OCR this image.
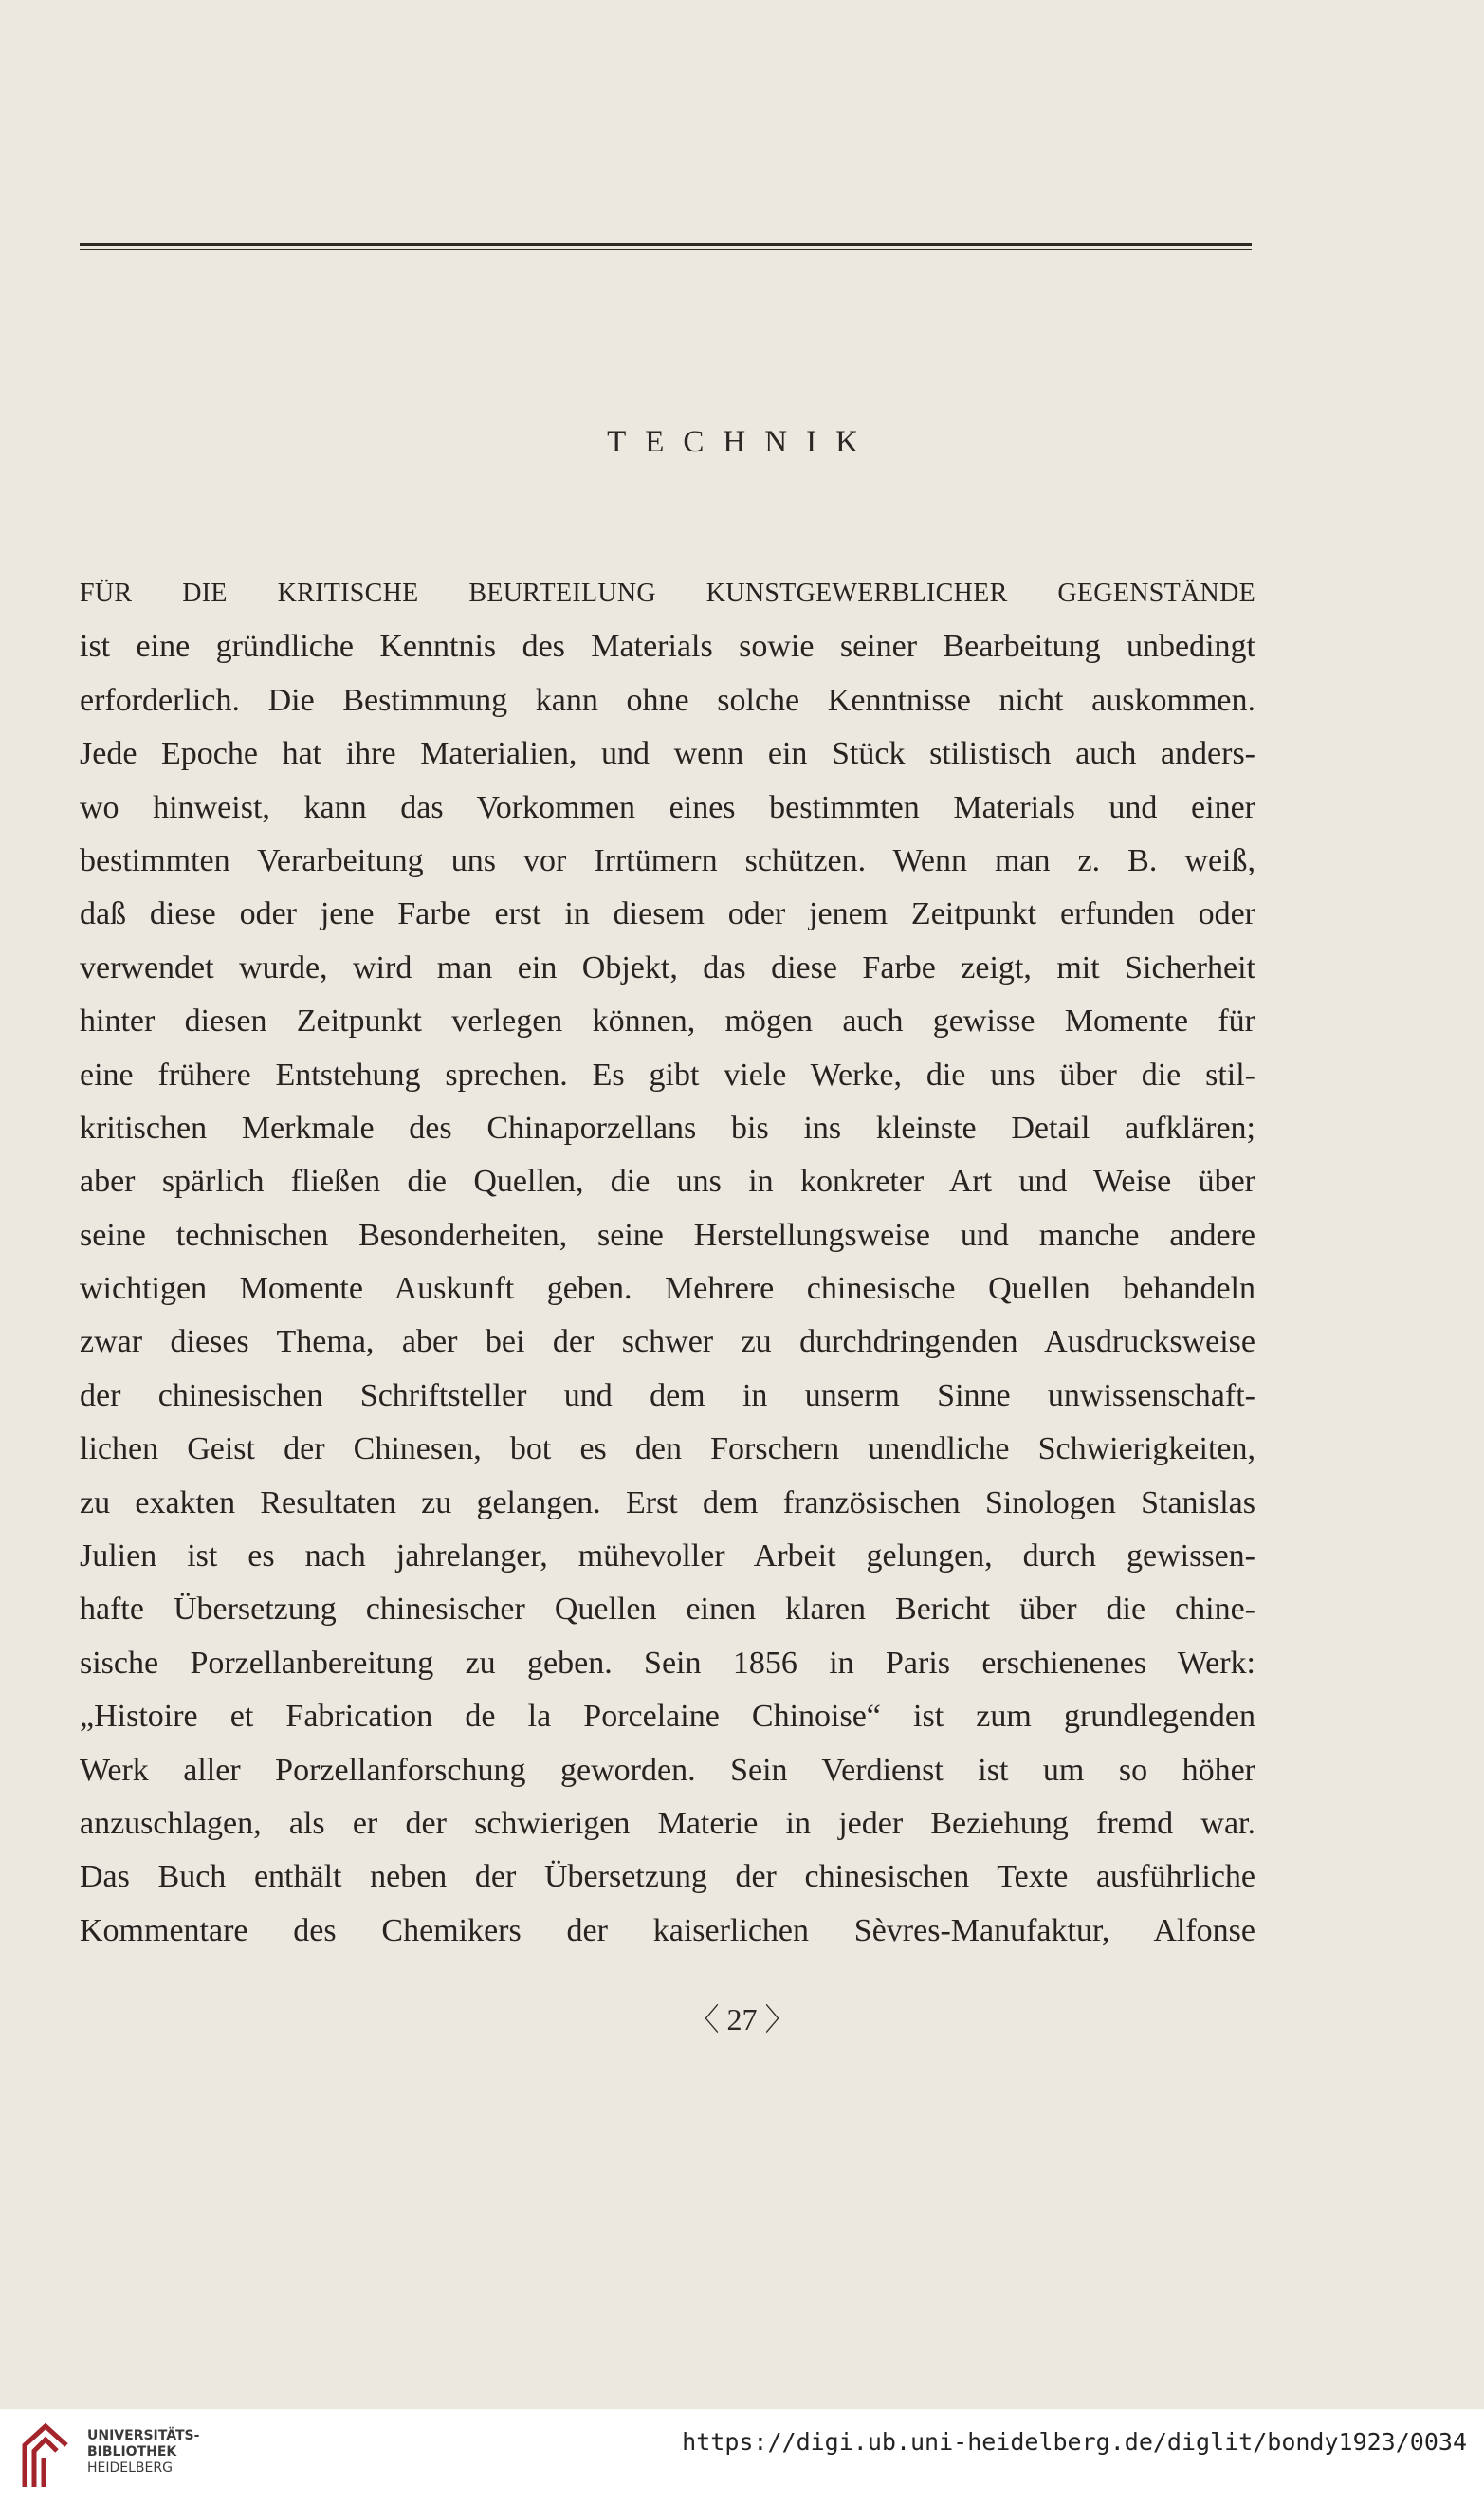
TECHNIK
FÜR DIE KRITISCHE BEURTEILUNG KUNSTGEWERBLICHER GEGENSTÄNDE
ist eine gründliche Kenntnis des Materials sowie seiner Bearbeitung unbedingt
erforderlich. Die Bestimmung kann ohne solche Kenntnisse nicht auskommen.
Jede Epoche hat ihre Materialien, und wenn ein Stück stilistisch auch anders-
wo hinweist, kann das Vorkommen eines bestimmten Materials und einer
bestimmten Verarbeitung uns vor Irrtümern schützen. Wenn man z. B. weiß,
daß diese oder jene Farbe erst in diesem oder jenem Zeitpunkt erfunden oder
verwendet wurde, wird man ein Objekt, das diese Farbe zeigt, mit Sicherheit
hinter diesen Zeitpunkt verlegen können, mögen auch gewisse Momente für
eine frühere Entstehung sprechen. Es gibt viele Werke, die uns über die stil-
kritischen Merkmale des Chinaporzellans bis ins kleinste Detail aufklären;
aber spärlich fließen die Quellen, die uns in konkreter Art und Weise über
seine technischen Besonderheiten, seine Herstellungsweise und manche andere
wichtigen Momente Auskunft geben. Mehrere chinesische Quellen behandeln
zwar dieses Thema, aber bei der schwer zu durchdringenden Ausdrucksweise
der chinesischen Schriftsteller und dem in unserm Sinne unwissenschaft-
lichen Geist der Chinesen, bot es den Forschern unendliche Schwierigkeiten,
zu exakten Resultaten zu gelangen. Erst dem französischen Sinologen Stanislas
Julien ist es nach jahrelanger, mühevoller Arbeit gelungen, durch gewissen-
hafte Übersetzung chinesischer Quellen einen klaren Bericht über die chine-
sische Porzellanbereitung zu geben. Sein 1856 in Paris erschienenes Werk:
„Histoire et Fabrication de la Porcelaine Chinoise“ ist zum grundlegenden
Werk aller Porzellanforschung geworden. Sein Verdienst ist um so höher
anzuschlagen, als er der schwierigen Materie in jeder Beziehung fremd war.
Das Buch enthält neben der Übersetzung der chinesischen Texte ausführliche
Kommentare des Chemikers der kaiserlichen Sèvres-Manufaktur, Alfonse
〈 27 〉
UNIVERSITÄTS-
BIBLIOTHEK
HEIDELBERG
https://digi.ub.uni-heidelberg.de/diglit/bondy1923/0034
